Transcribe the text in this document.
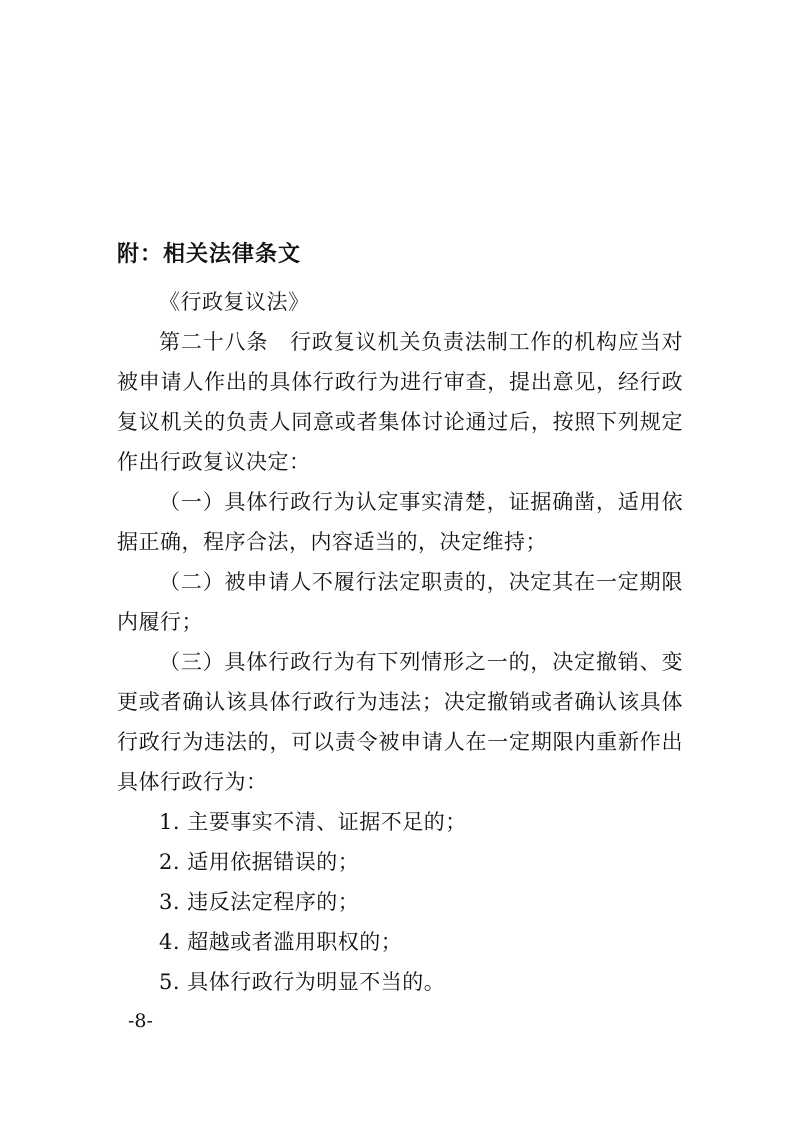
附：相关法律条文

《行政复议法》

第二十八条　行政复议机关负责法制工作的机构应当对被申请人作出的具体行政行为进行审查，提出意见，经行政复议机关的负责人同意或者集体讨论通过后，按照下列规定作出行政复议决定：

（一）具体行政行为认定事实清楚，证据确凿，适用依据正确，程序合法，内容适当的，决定维持；

（二）被申请人不履行法定职责的，决定其在一定期限内履行；

（三）具体行政行为有下列情形之一的，决定撤销、变更或者确认该具体行政行为违法；决定撤销或者确认该具体行政行为违法的，可以责令被申请人在一定期限内重新作出具体行政行为：

1. 主要事实不清、证据不足的；

2. 适用依据错误的；

3. 违反法定程序的；

4. 超越或者滥用职权的；

5. 具体行政行为明显不当的。

-8-
